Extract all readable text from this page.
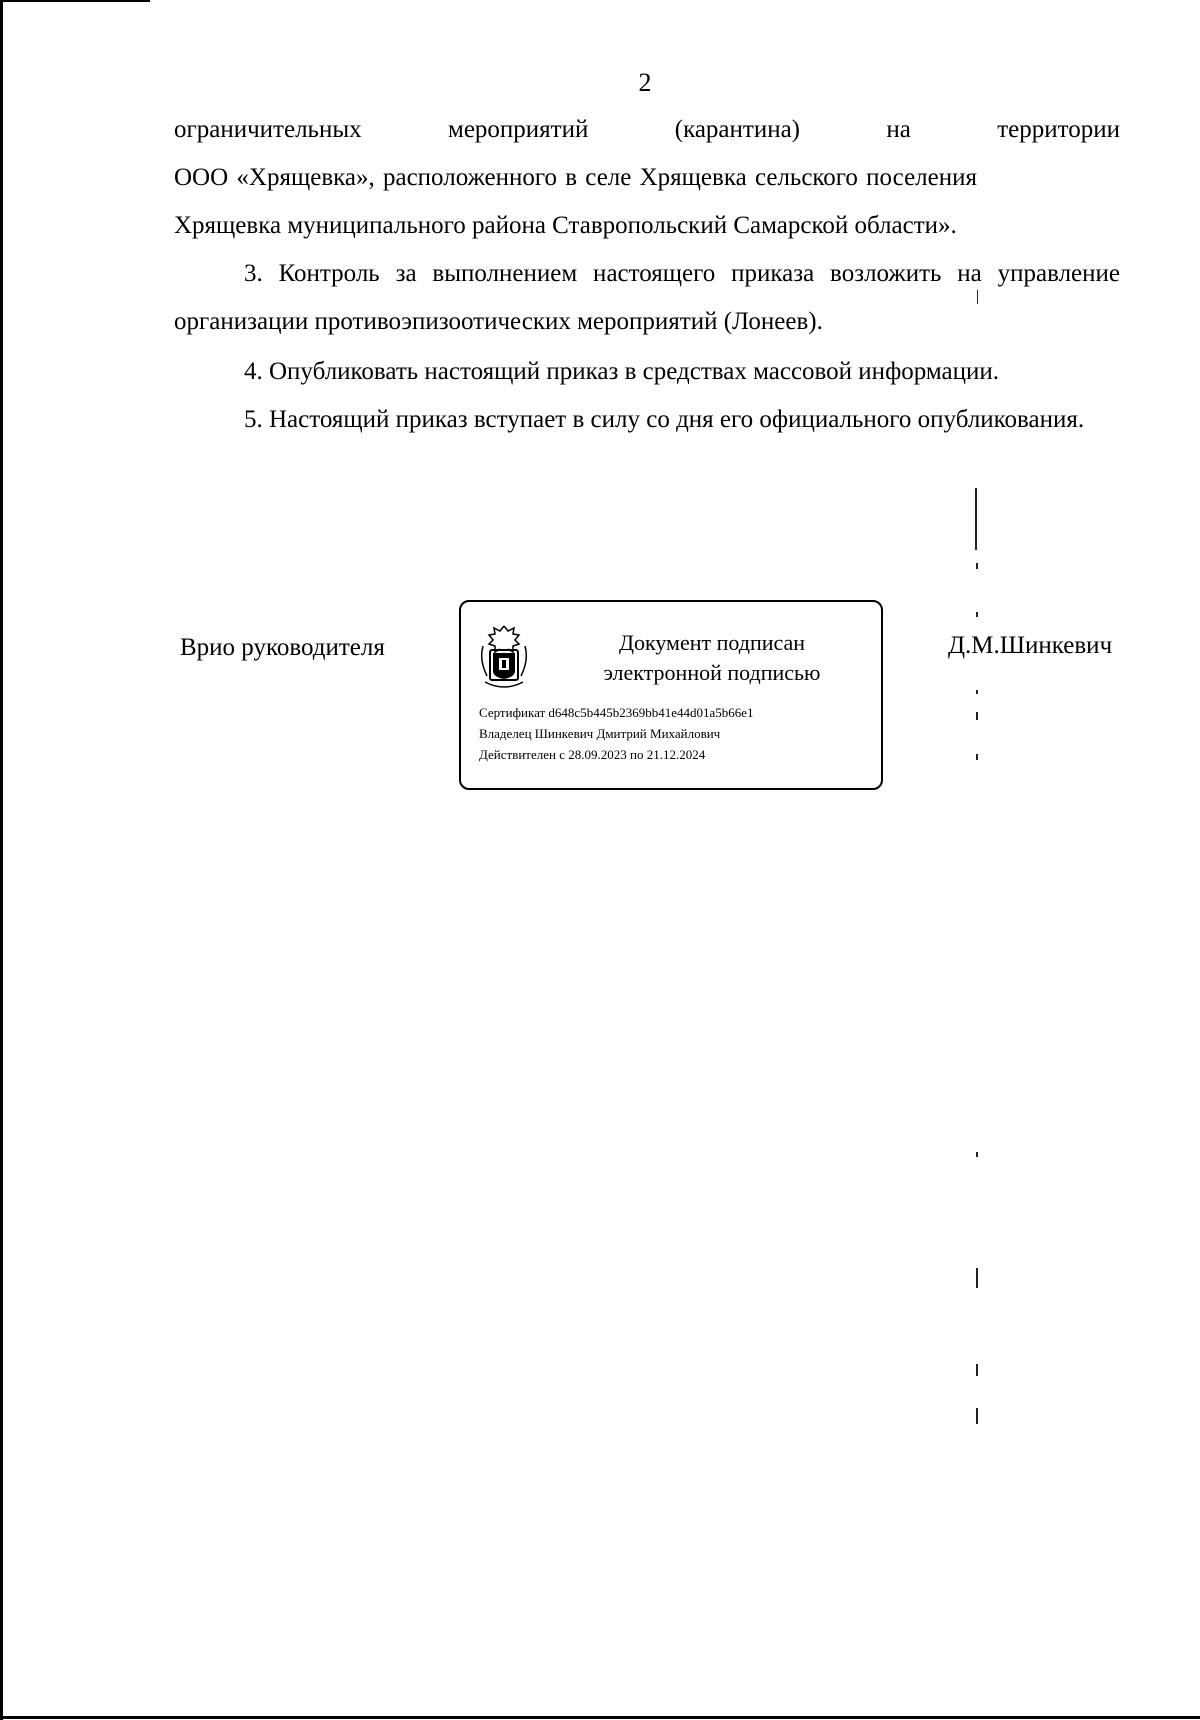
2
ограничительных мероприятий (карантина) на территории
ООО «Хрящевка», расположенного в селе Хрящевка сельского поселения
Хрящевка муниципального района Ставропольский Самарской области».
3. Контроль за выполнением настоящего приказа возложить на управление организации противоэпизоотических мероприятий (Лонеев).
4. Опубликовать настоящий приказ в средствах массовой информации.
5. Настоящий приказ вступает в силу со дня его официального опубликования.
Врио руководителя	Документ подписан
электронной подписью
Сертификат d648c5b445b2369bb41e44d01a5b66e1
Владелец Шинкевич Дмитрий Михайлович
Действителен с 28.09.2023 по 21.12.2024
Д.М.Шинкевич
